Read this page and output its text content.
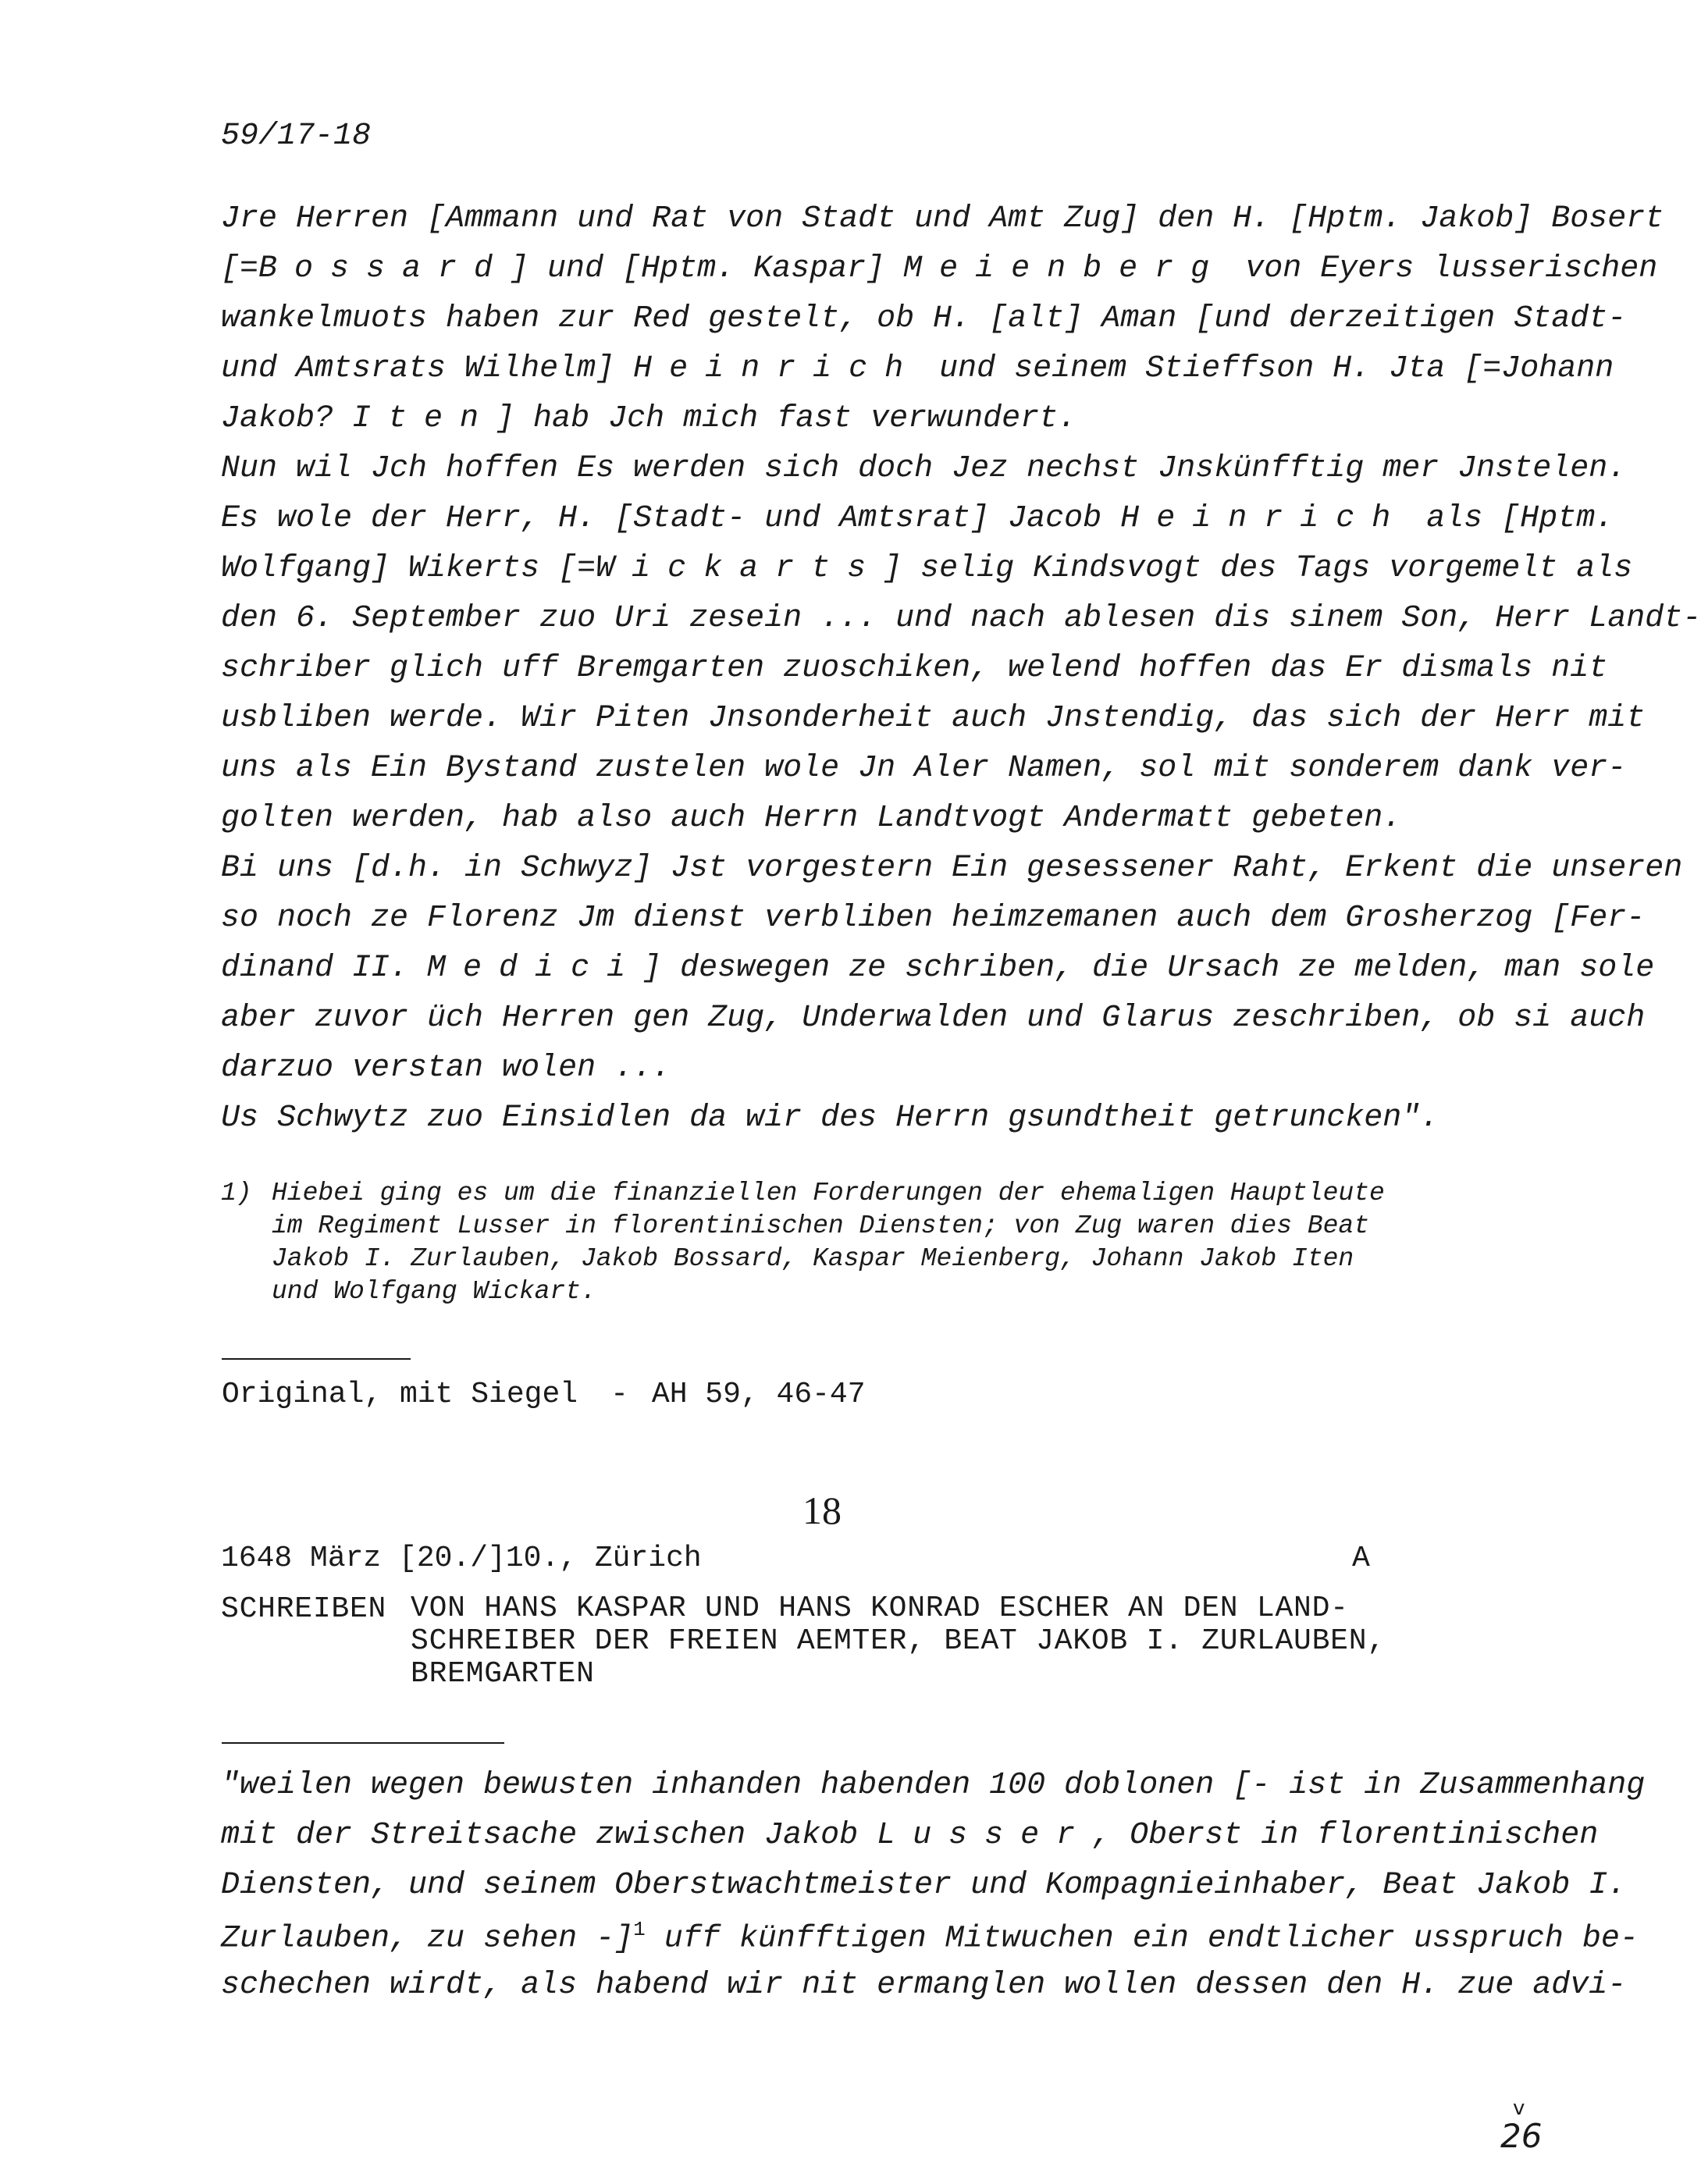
59/17-18
Jre Herren [Ammann und Rat von Stadt und Amt Zug] den H. [Hptm. Jakob] Bosert
[=Bossard] und [Hptm. Kaspar] Meienberg von Eyers lusserischen
wankelmuots haben zur Red gestelt, ob H. [alt] Aman [und derzeitigen Stadt-
und Amtsrats Wilhelm] Heinrich und seinem Stieffson H. Jta [=Johann
Jakob? Iten] hab Jch mich fast verwundert.
Nun wil Jch hoffen Es werden sich doch Jez nechst Jnskünfftig mer Jnstelen.
Es wole der Herr, H. [Stadt- und Amtsrat] Jacob Heinrich als [Hptm.
Wolfgang] Wikerts [=Wickarts] selig Kindsvogt des Tags vorgemelt als
den 6. September zuo Uri zesein ... und nach ablesen dis sinem Son, Herr Landt-
schriber glich uff Bremgarten zuoschiken, welend hoffen das Er dismals nit
usbliben werde. Wir Piten Jnsonderheit auch Jnstendig, das sich der Herr mit
uns als Ein Bystand zustelen wole Jn Aler Namen, sol mit sonderem dank ver-
golten werden, hab also auch Herrn Landtvogt Andermatt gebeten.
Bi uns [d.h. in Schwyz] Jst vorgestern Ein gesessener Raht, Erkent die unseren
so noch ze Florenz Jm dienst verbliben heimzemanen auch dem Grosherzog [Fer-
dinand II. Medici] deswegen ze schriben, die Ursach ze melden, man sole
aber zuvor üch Herren gen Zug, Underwalden und Glarus zeschriben, ob si auch
darzuo verstan wolen ...
Us Schwytz zuo Einsidlen da wir des Herrn gsundtheit getruncken".
1) Hiebei ging es um die finanziellen Forderungen der ehemaligen Hauptleute
im Regiment Lusser in florentinischen Diensten; von Zug waren dies Beat
Jakob I. Zurlauben, Jakob Bossard, Kaspar Meienberg, Johann Jakob Iten
und Wolfgang Wickart.
Original, mit Siegel - AH 59, 46-47
18
1648 März [20./]10., Zürich	A
SCHREIBEN VON HANS KASPAR UND HANS KONRAD ESCHER AN DEN LAND-
SCHREIBER DER FREIEN AEMTER, BEAT JAKOB I. ZURLAUBEN,
BREMGARTEN
"weilen wegen bewusten inhanden habenden 100 doblonen [- ist in Zusammenhang
mit der Streitsache zwischen Jakob Lusser, Oberst in florentinischen
Diensten, und seinem Oberstwachtmeister und Kompagnieinhaber, Beat Jakob I.
Zurlauben, zu sehen -]$^1$ uff künfftigen Mitwuchen ein endtlicher usspruch be-
schechen wirdt, als habend wir nit ermanglen wollen dessen den H. zue advi-
v
26
